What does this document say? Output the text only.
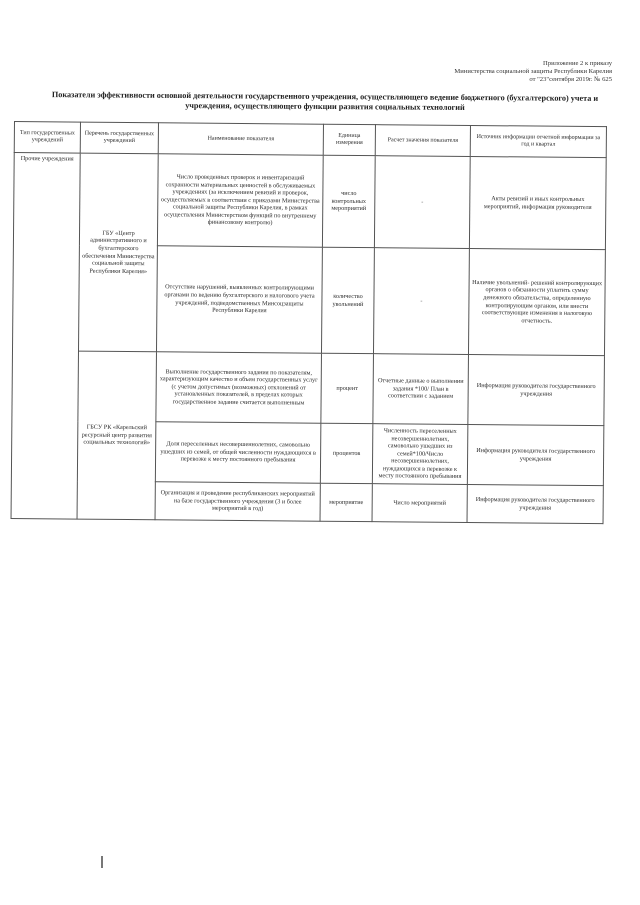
Приложение 2 к приказу
Министерства социальной защиты Республики Карелия
от "23"сентября 2019г. № 625
Показатели эффективности основной деятельности государственного учреждения, осуществляющего ведение бюджетного (бухгалтерского) учета и учреждения, осуществляющего функции развития социальных технологий
Тип государственных учреждений	Перечень государственных учреждений	Наименование показателя	Единица измерения	Расчет значения показателя	Источник информации отчетной информации за год и квартал
Прочие учреждения	ГБУ «Центр административного и бухгалтерского обеспечения Министерства социальной защиты Республики Карелия»	Число проведенных проверок и инвентаризаций сохранности материальных ценностей в обслуживаемых учреждениях (за исключением ревизий и проверок, осуществляемых в соответствии с приказами Министерства социальной защиты Республики Карелия, в рамках осуществления Министерством функций по внутреннему финансовому контролю)	число контрольных мероприятий	-	Акты ревизий и иных контрольных мероприятий, информация руководителя
		Отсутствие нарушений, выявленных контролирующими органами по ведению бухгалтерского и налогового учета учреждений, подведомственных Минсоцзащиты Республики Карелия	количество увольнений	-	Наличие увольнений- решений контролирующих органов о обязанности уплатить сумму денежного обязательства, определенную контролирующим органом, или внести соответствующие изменения в налоговую отчетность.
	ГБСУ РК «Карельский ресурсный центр развития социальных технологий»	Выполнение государственного задания по показателям, характеризующим качество и объем государственных услуг (с учетом допустимых (возможных) отклонений от установленных показателей, в пределах которых государственное задание считается выполненным	процент	Отчетные данные о выполнении задания *100/ План в соответствии с заданием	Информация руководителя государственного учреждения
		Доля переселенных несовершеннолетних, самовольно ушедших из семей, от общей численности нуждающихся в перевозке к месту постоянного пребывания	процентов	Численность переселенных несовершеннолетних, самовольно ушедших из семей*100/Число несовершеннолетних, нуждающихся в перевозке к месту постоянного пребывания	Информация руководителя государственного учреждения
		Организация и проведение республиканских мероприятий на базе государственного учреждения (3 и более мероприятий в год)	мероприятие	Число мероприятий	Информация руководителя государственного учреждения
